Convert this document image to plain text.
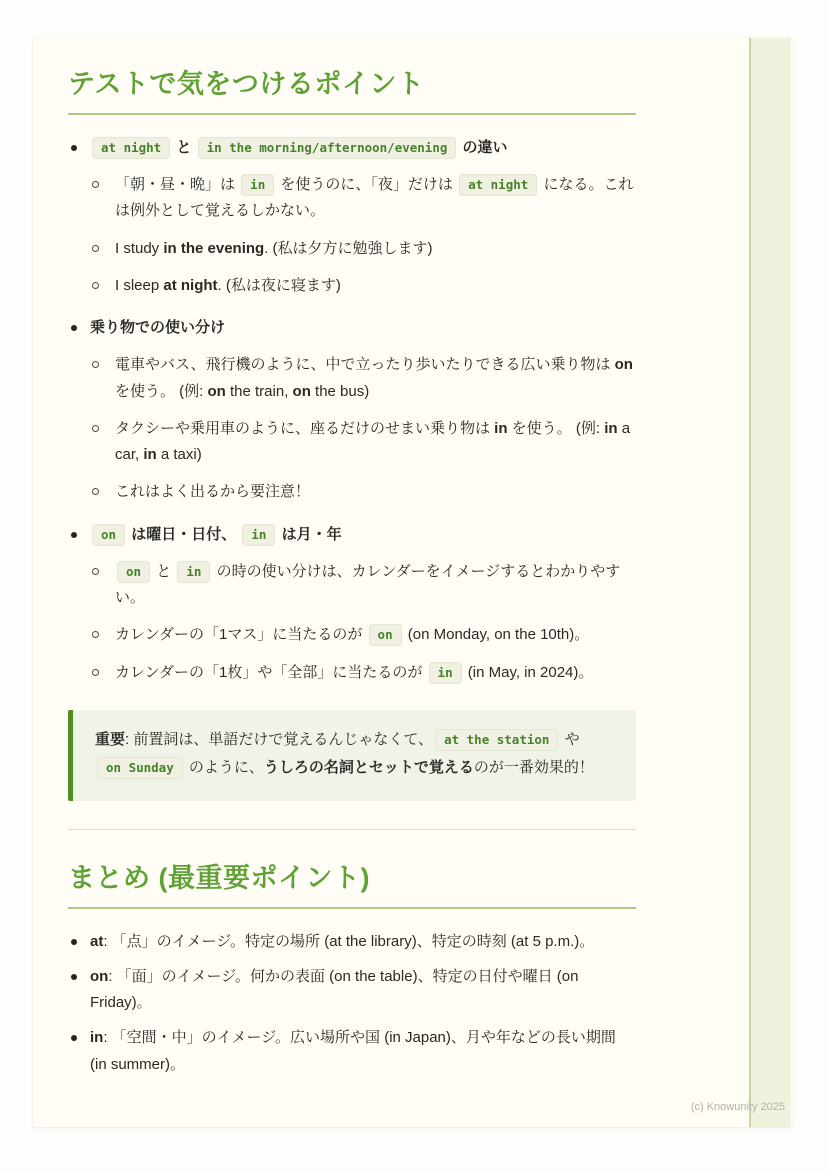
テストで気をつけるポイント
at night と in the morning/afternoon/evening の違い
「朝・昼・晩」は in を使うのに、「夜」だけは at night になる。これは例外として覚えるしかない。
I study in the evening. (私は夕方に勉強します)
I sleep at night. (私は夜に寝ます)
乗り物での使い分け
電車やバス、飛行機のように、中で立ったり歩いたりできる広い乗り物は on を使う。 (例: on the train, on the bus)
タクシーや乗用車のように、座るだけのせまい乗り物は in を使う。 (例: in a car, in a taxi)
これはよく出るから要注意！
on は曜日・日付、 in は月・年
on と in の時の使い分けは、カレンダーをイメージするとわかりやすい。
カレンダーの「1マス」に当たるのが on (on Monday, on the 10th)。
カレンダーの「1枚」や「全部」に当たるのが in (in May, in 2024)。
重要: 前置詞は、単語だけで覚えるんじゃなくて、 at the station や on Sunday のように、うしろの名詞とセットで覚えるのが一番効果的！
まとめ (最重要ポイント)
at: 「点」のイメージ。特定の場所 (at the library)、特定の時刻 (at 5 p.m.)。
on: 「面」のイメージ。何かの表面 (on the table)、特定の日付や曜日 (on Friday)。
in: 「空間・中」のイメージ。広い場所や国 (in Japan)、月や年などの長い期間 (in summer)。
(c) Knowunity 2025
